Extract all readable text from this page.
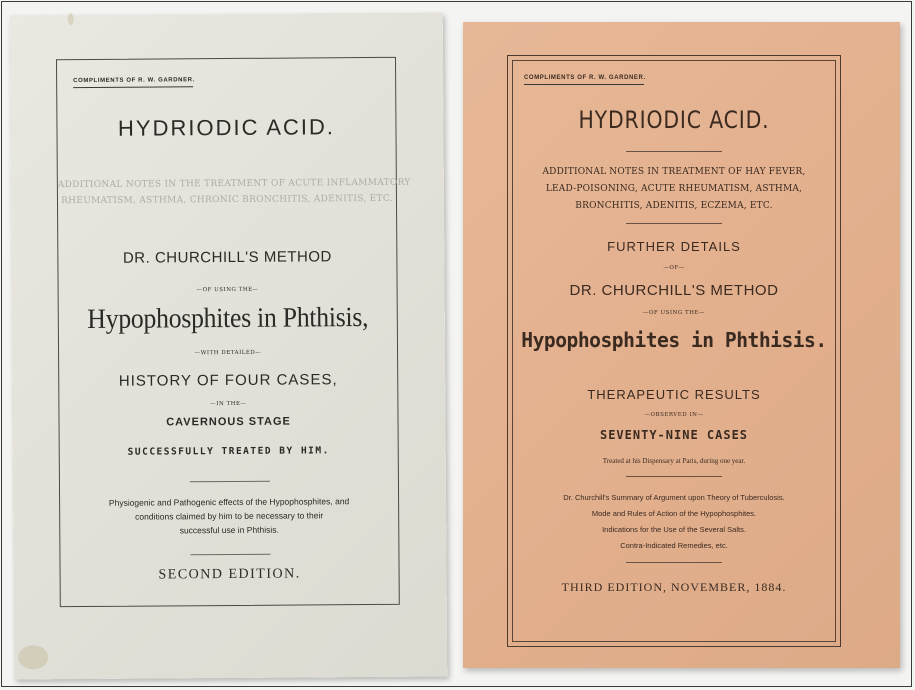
COMPLIMENTS OF R. W. GARDNER.
HYDRIODIC ACID.
ADDITIONAL NOTES IN THE TREATMENT OF ACUTE INFLAMMATORY
RHEUMATISM, ASTHMA, CHRONIC BRONCHITIS, ADENITIS, ETC.
DR. CHURCHILL'S METHOD
—OF USING THE—
Hypophosphites in Phthisis,
—WITH DETAILED—
HISTORY OF FOUR CASES,
—IN THE—
CAVERNOUS STAGE
SUCCESSFULLY TREATED BY HIM.
Physiogenic and Pathogenic effects of the Hypophosphites, and
conditions claimed by him to be necessary to their
successful use in Phthisis.
SECOND EDITION.
COMPLIMENTS OF R. W. GARDNER.
HYDRIODIC ACID.
ADDITIONAL NOTES IN TREATMENT OF HAY FEVER,
LEAD-POISONING, ACUTE RHEUMATISM, ASTHMA,
BRONCHITIS, ADENITIS, ECZEMA, ETC.
FURTHER DETAILS
—OF—
DR. CHURCHILL'S METHOD
—OF USING THE—
Hypophosphites in Phthisis.
THERAPEUTIC RESULTS
—OBSERVED IN—
SEVENTY-NINE CASES
Treated at his Dispensary at Paris, during one year.
Dr. Churchill's Summary of Argument upon Theory of Tuberculosis.
Mode and Rules of Action of the Hypophosphites.
Indications for the Use of the Several Salts.
Contra-Indicated Remedies, etc.
THIRD EDITION, NOVEMBER, 1884.
